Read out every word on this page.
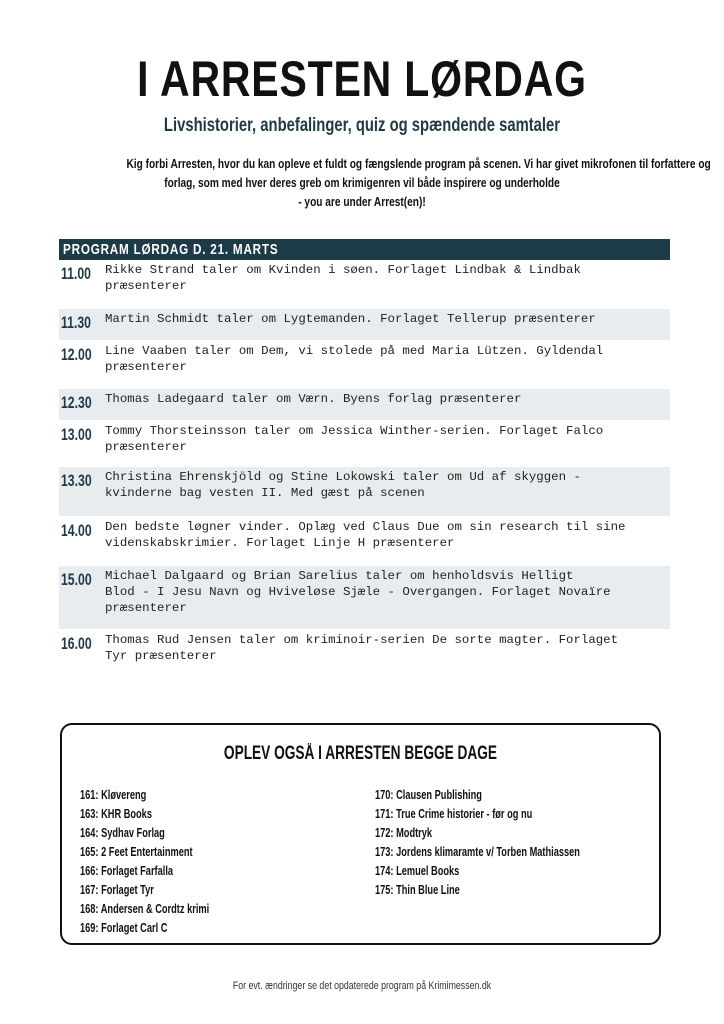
I ARRESTEN LØRDAG
Livshistorier, anbefalinger, quiz og spændende samtaler
Kig forbi Arresten, hvor du kan opleve et fuldt og fængslende program på scenen. Vi har givet mikrofonen til forfattere og
forlag, som med hver deres greb om krimigenren vil både inspirere og underholde
- you are under Arrest(en)!
PROGRAM LØRDAG D. 21. MARTS
11.00 Rikke Strand taler om Kvinden i søen. Forlaget Lindbak & Lindbak
præsenterer
11.30 Martin Schmidt taler om Lygtemanden. Forlaget Tellerup præsenterer
12.00 Line Vaaben taler om Dem, vi stolede på med Maria Lützen. Gyldendal
præsenterer
12.30 Thomas Ladegaard taler om Værn. Byens forlag præsenterer
13.00 Tommy Thorsteinsson taler om Jessica Winther-serien. Forlaget Falco
præsenterer
13.30 Christina Ehrenskjöld og Stine Lokowski taler om Ud af skyggen -
kvinderne bag vesten II. Med gæst på scenen
14.00 Den bedste løgner vinder. Oplæg ved Claus Due om sin research til sine
videnskabskrimier. Forlaget Linje H præsenterer
15.00 Michael Dalgaard og Brian Sarelius taler om henholdsvis Helligt
Blod - I Jesu Navn og Hviveløse Sjæle - Overgangen. Forlaget Novaïre
præsenterer
16.00 Thomas Rud Jensen taler om kriminoir-serien De sorte magter. Forlaget
Tyr præsenterer
OPLEV OGSÅ I ARRESTEN BEGGE DAGE
161: Kløvereng
163: KHR Books
164: Sydhav Forlag
165: 2 Feet Entertainment
166: Forlaget Farfalla
167: Forlaget Tyr
168: Andersen & Cordtz krimi
169: Forlaget Carl C
170: Clausen Publishing
171: True Crime historier - før og nu
172: Modtryk
173: Jordens klimaramte v/ Torben Mathiassen
174: Lemuel Books
175: Thin Blue Line
For evt. ændringer se det opdaterede program på Krimimessen.dk
